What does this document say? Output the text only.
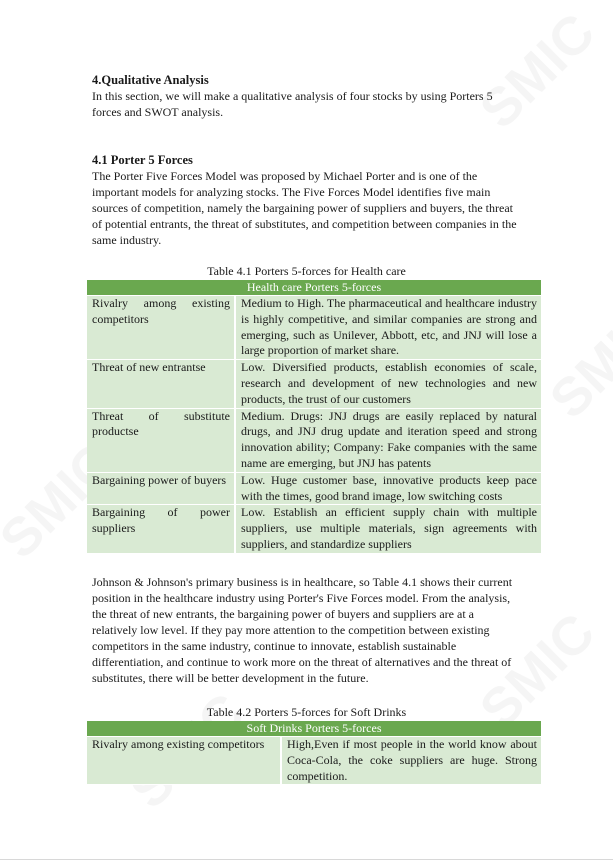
4.Qualitative Analysis
In this section, we will make a qualitative analysis of four stocks by using Porters 5 forces and SWOT analysis.
4.1 Porter 5 Forces
The Porter Five Forces Model was proposed by Michael Porter and is one of the important models for analyzing stocks. The Five Forces Model identifies five main sources of competition, namely the bargaining power of suppliers and buyers, the threat of potential entrants, the threat of substitutes, and competition between companies in the same industry.
Table 4.1 Porters 5-forces for Health care
Health care Porters 5-forces	
Rivalry among existing competitors	Medium to High. The pharmaceutical and healthcare industry is highly competitive, and similar companies are strong and emerging, such as Unilever, Abbott, etc, and JNJ will lose a large proportion of market share.
Threat of new entrantse	Low. Diversified products, establish economies of scale, research and development of new technologies and new products, the trust of our customers
Threat of substitute productse	Medium. Drugs: JNJ drugs are easily replaced by natural drugs, and JNJ drug update and iteration speed and strong innovation ability; Company: Fake companies with the same name are emerging, but JNJ has patents
Bargaining power of buyers	Low. Huge customer base, innovative products keep pace with the times, good brand image, low switching costs
Bargaining of power suppliers	Low. Establish an efficient supply chain with multiple suppliers, use multiple materials, sign agreements with suppliers, and standardize suppliers
Johnson & Johnson's primary business is in healthcare, so Table 4.1 shows their current position in the healthcare industry using Porter's Five Forces model. From the analysis, the threat of new entrants, the bargaining power of buyers and suppliers are at a relatively low level. If they pay more attention to the competition between existing competitors in the same industry, continue to innovate, establish sustainable differentiation, and continue to work more on the threat of alternatives and the threat of substitutes, there will be better development in the future.
Table 4.2 Porters 5-forces for Soft Drinks
Soft Drinks Porters 5-forces
Rivalry among existing competitors	High,Even if most people in the world know about Coca-Cola, the coke suppliers are huge. Strong competition.
